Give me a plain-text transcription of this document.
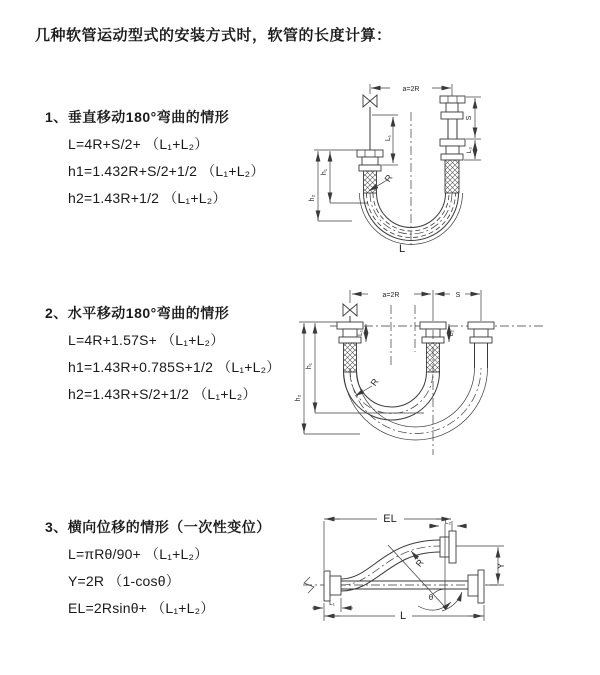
几种软管运动型式的安装方式时，软管的长度计算：
1、垂直移动180°弯曲的情形
L=4R+S/2+ （L₁+L₂）
h1=1.432R+S/2+1/2 （L₁+L₂）
h2=1.43R+1/2 （L₁+L₂）
2、水平移动180°弯曲的情形
L=4R+1.57S+ （L₁+L₂）
h1=1.43R+0.785S+1/2 （L₁+L₂）
h2=1.43R+S/2+1/2 （L₁+L₂）
3、横向位移的情形（一次性变位）
L=πRθ/90+ （L₁+L₂）
Y=2R （1-cosθ）
EL=2Rsinθ+ （L₁+L₂）
a=2R
L₁
S
L₂
h₁
h₂
R
L
a=2R	S
L₁	L₂
h₁
h₂
R
EL	L₂
R
θ
Y
L
L₁
